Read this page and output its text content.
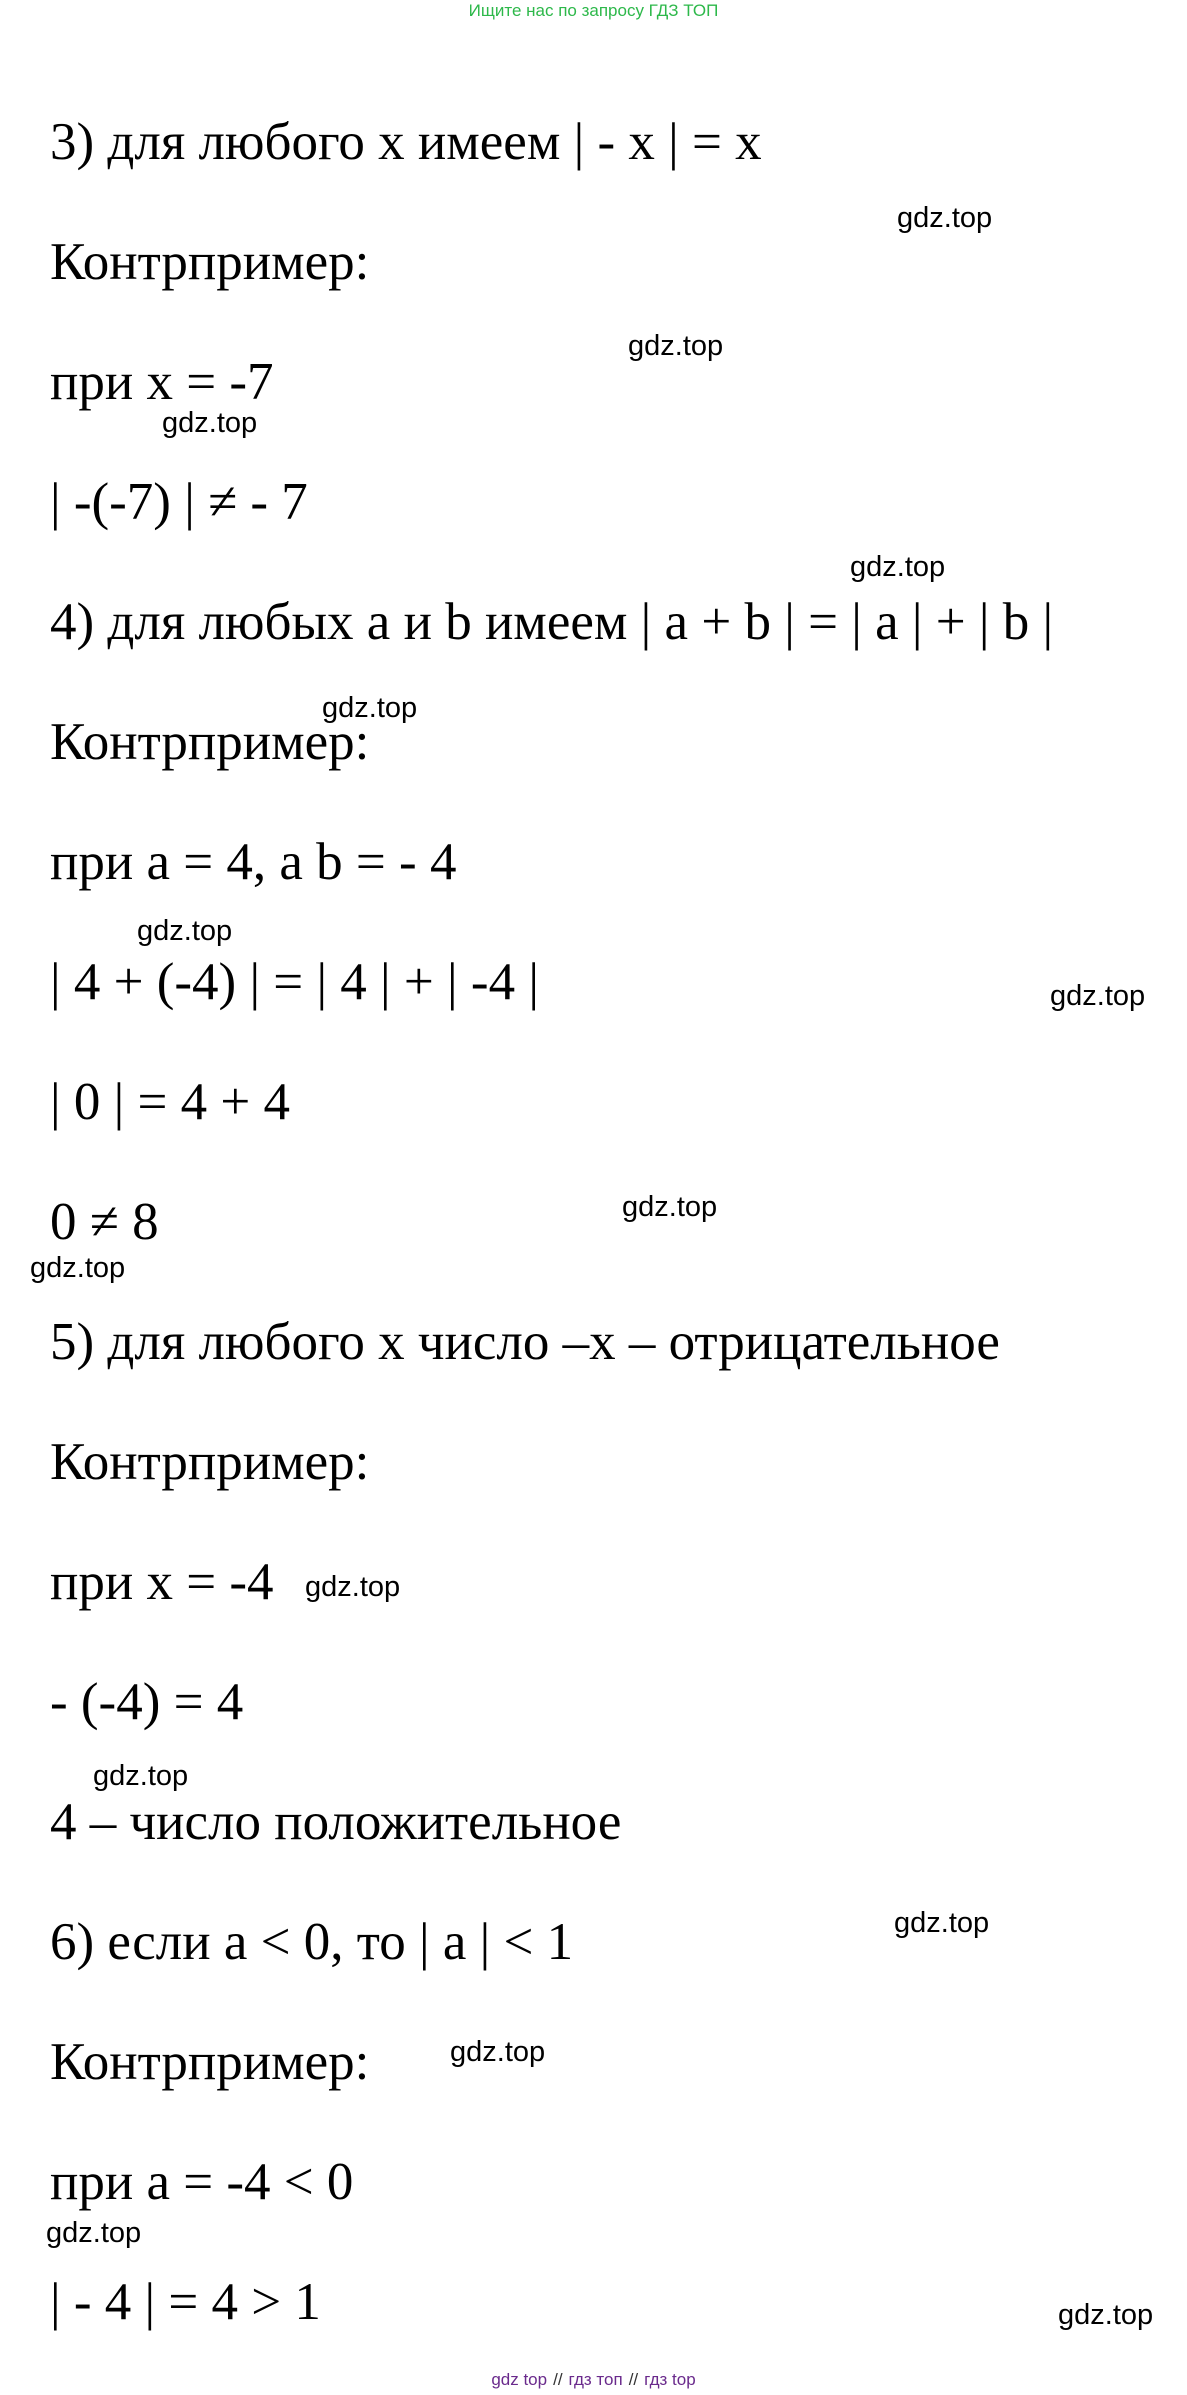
Ищите нас по запросу ГДЗ ТОП
3) для любого x имеем | - x | = x
Контрпример:
при x = -7
| -(-7) | ≠ - 7
4) для любых a и b имеем | a + b | = | a | + | b |
Контрпример:
при a = 4, а b = - 4
| 4 + (-4) | = | 4 | + | -4 |
| 0 | = 4 + 4
0 ≠ 8
5) для любого x число –x – отрицательное
Контрпример:
при x = -4
- (-4) = 4
4 – число положительное
6) если a < 0, то | a | < 1
Контрпример:
при a = -4 < 0
| - 4 | = 4 > 1
gdz.top
gdz.top
gdz.top
gdz.top
gdz.top
gdz.top
gdz.top
gdz.top
gdz.top
gdz.top
gdz.top
gdz.top
gdz.top
gdz.top
gdz.top
gdz top // гдз топ // гдз top
